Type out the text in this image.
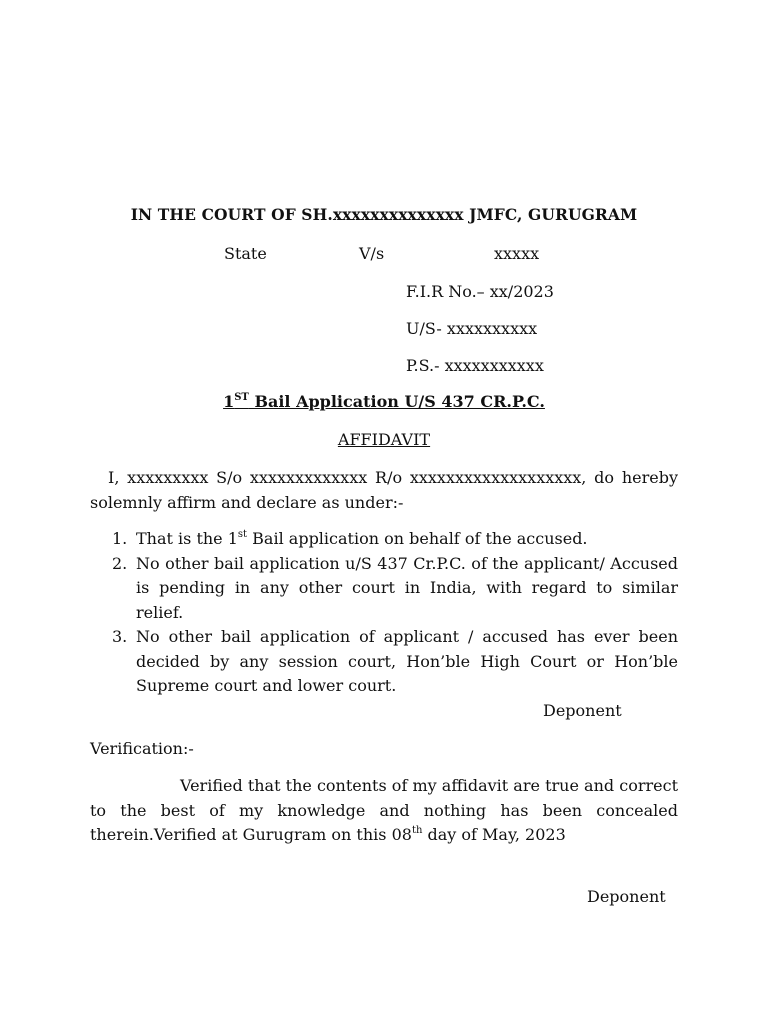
IN THE COURT OF SH.xxxxxxxxxxxxxx JMFC, GURUGRAM
State	V/s	xxxxx
F.I.R No.– xx/2023
U/S- xxxxxxxxxx
P.S.- xxxxxxxxxxx
1ST Bail Application U/S 437 CR.P.C.
AFFIDAVIT
I, xxxxxxxxx S/o xxxxxxxxxxxxx R/o xxxxxxxxxxxxxxxxxxx, do hereby solemnly affirm and declare as under:-
1. That is the 1st Bail application on behalf of the accused.
2. No other bail application u/S 437 Cr.P.C. of the applicant/ Accused is pending in any other court in India, with regard to similar relief.
3. No other bail application of applicant / accused has ever been decided by any session court, Hon’ble High Court or Hon’ble Supreme court and lower court.
Deponent
Verification:-
Verified that the contents of my affidavit are true and correct to the best of my knowledge and nothing has been concealed therein.Verified at Gurugram on this 08th day of May, 2023
Deponent
